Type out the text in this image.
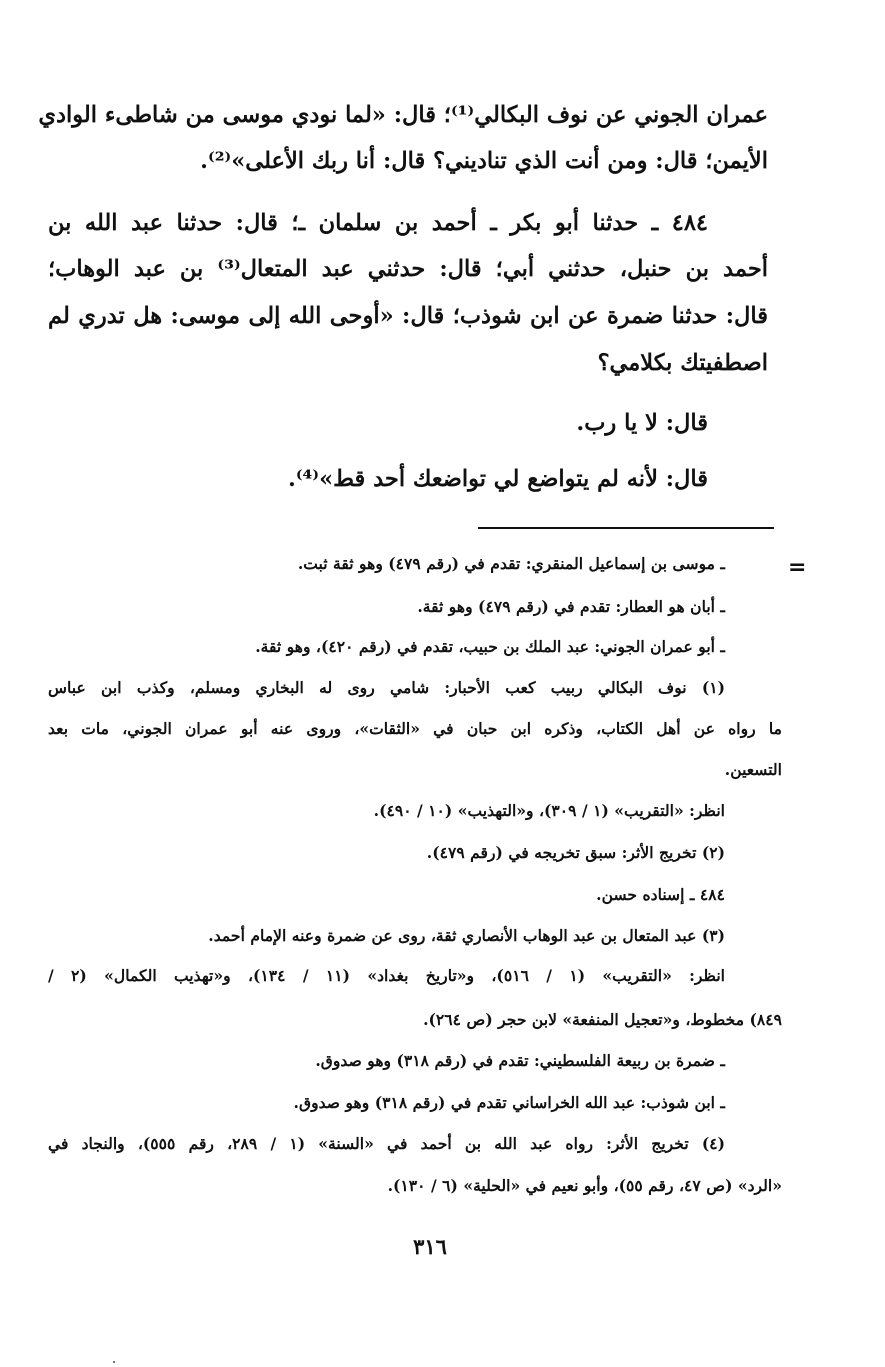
عمران الجوني عن نوف البكالي⁽¹⁾؛ قال: «لما نودي موسى من شاطىء الوادي
الأيمن؛ قال: ومن أنت الذي تناديني؟ قال: أنا ربك الأعلى»⁽²⁾.
٤٨٤ ـ حدثنا أبو بكر ـ أحمد بن سلمان ـ؛ قال: حدثنا عبد الله بن
أحمد بن حنبل، حدثني أبي؛ قال: حدثني عبد المتعال⁽³⁾ بن عبد الوهاب؛
قال: حدثنا ضمرة عن ابن شوذب؛ قال: «أوحى الله إلى موسى: هل تدري لم
اصطفيتك بكلامي؟
قال: لا يا رب.
قال: لأنه لم يتواضع لي تواضعك أحد قط»⁽⁴⁾.
=
ـ موسى بن إسماعيل المنقري: تقدم في (رقم ٤٧٩) وهو ثقة ثبت.
ـ أبان هو العطار: تقدم في (رقم ٤٧٩) وهو ثقة.
ـ أبو عمران الجوني: عبد الملك بن حبيب، تقدم في (رقم ٤٢٠)، وهو ثقة.
(١) نوف البكالي ربيب كعب الأحبار: شامي روى له البخاري ومسلم، وكذب ابن عباس
ما رواه عن أهل الكتاب، وذكره ابن حبان في «الثقات»، وروى عنه أبو عمران الجوني، مات بعد
التسعين.
انظر: «التقريب» (١ / ٣٠٩)، و«التهذيب» (١٠ / ٤٩٠).
(٢) تخريج الأثر: سبق تخريجه في (رقم ٤٧٩).
٤٨٤ ـ إسناده حسن.
(٣) عبد المتعال بن عبد الوهاب الأنصاري ثقة، روى عن ضمرة وعنه الإمام أحمد.
انظر: «التقريب» (١ / ٥١٦)، و«تاريخ بغداد» (١١ / ١٣٤)، و«تهذيب الكمال» (٢ /
٨٤٩) مخطوط، و«تعجيل المنفعة» لابن حجر (ص ٢٦٤).
ـ ضمرة بن ربيعة الفلسطيني: تقدم في (رقم ٣١٨) وهو صدوق.
ـ ابن شوذب: عبد الله الخراساني تقدم في (رقم ٣١٨) وهو صدوق.
(٤) تخريج الأثر: رواه عبد الله بن أحمد في «السنة» (١ / ٢٨٩، رقم ٥٥٥)، والنجاد في
«الرد» (ص ٤٧، رقم ٥٥)، وأبو نعيم في «الحلية» (٦ / ١٣٠).
٣١٦
